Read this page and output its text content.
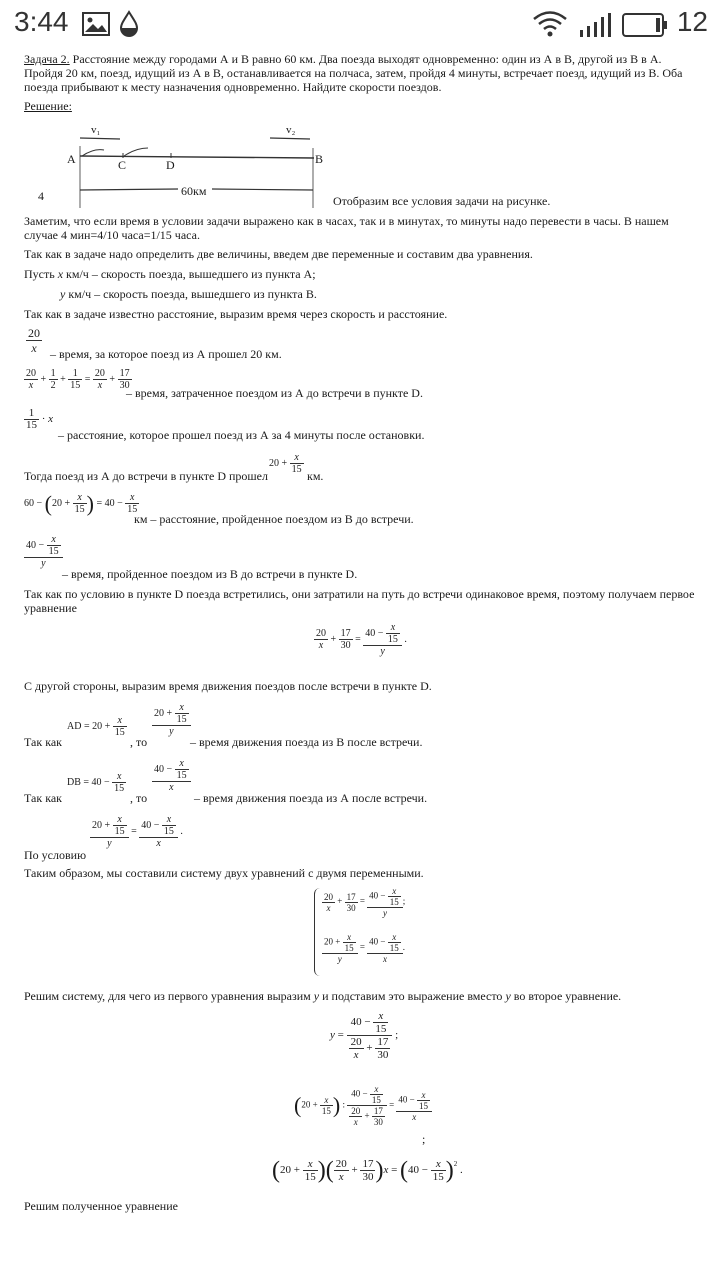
3:44	12
Задача 2. Расстояние между городами А и В равно 60 км. Два поезда выходят одновременно: один из А в В, другой из В в А. Пройдя 20 км, поезд, идущий из А в В, останавливается на полчаса, затем, пройдя 4 минуты, встречает поезд, идущий из В. Оба поезда прибывают к месту назначения одновременно. Найдите скорости поездов.
Решение:
v₁	v₂
A	B
C	D
60км
4	Отобразим все условия задачи на рисунке.
Заметим, что если время в условии задачи выражено как в часах, так и в минутах, то минуты надо перевести в часы. В нашем случае 4 мин=4/10 часа=1/15 часа.
Так как в задаче надо определить две величины, введем две переменные и составим два уравнения.
Пусть x км/ч – скорость поезда, вышедшего из пункта А;
y км/ч – скорость поезда, вышедшего из пункта В.
Так как в задаче известно расстояние, выразим время через скорость и расстояние.
$\frac{20}{x}$ – время, за которое поезд из А прошел 20 км.
$\frac{20}{x} + \frac{1}{2} + \frac{1}{15} = \frac{20}{x} + \frac{17}{30}$
– время, затраченное поездом из А до встречи в пункте D.
$\frac{1}{15} \cdot x$
– расстояние, которое прошел поезд из А за 4 минуты после остановки.
Тогда поезд из А до встречи в пункте D прошел
$20 + \frac{x}{15}$
км.
$60 - (20 + \frac{x}{15}$ ) = $40 - \frac{x}{15}$
км – расстояние, пройденное поездом из В до встречи.
$\frac{40 - \frac{x}{15}}{y}$
– время, пройденное поездом из В до встречи в пункте D.
Так как по условию в пункте D поезда встретились, они затратили на путь до встречи одинаковое время, поэтому получаем первое уравнение
$\frac{20}{x} + \frac{17}{30} = \frac{40 - \frac{x}{15}}{y}$ .
С другой стороны, выразим время движения поездов после встречи в пункте D.
Так как
AD = $20 + \frac{x}{15}$
, то
$\frac{20 + \frac{x}{15}}{y}$
– время движения поезда из В после встречи.
Так как
DB = $40 - \frac{x}{15}$
, то
$\frac{40 - \frac{x}{15}}{x}$
– время движения поезда из А после встречи.
По условию
$\frac{20 + \frac{x}{15}}{y} = \frac{40 - \frac{x}{15}}{x}$ .
Таким образом, мы составили систему двух уравнений с двумя переменными.
$\frac{20}{x} + \frac{17}{30} = \frac{40 - \frac{x}{15}}{y}$ ;
$\frac{20 + \frac{x}{15}}{y} = \frac{40 - \frac{x}{15}}{x}$ .
Решим систему, для чего из первого уравнения выразим y и подставим это выражение вместо y во второе уравнение.
$y = \frac{40 - \frac{x}{15}}{\frac{20}{x} + \frac{17}{30}}$ ;
($20 + \frac{x}{15}$ ) : $\frac{40 - \frac{x}{15}}{\frac{20}{x} + \frac{17}{30}} = \frac{40 - \frac{x}{15}}{x}$
;
($20 + \frac{x}{15}$ )( $\frac{20}{x} + \frac{17}{30} )x = (40 - \frac{x}{15} )^2$ .
Решим полученное уравнение
